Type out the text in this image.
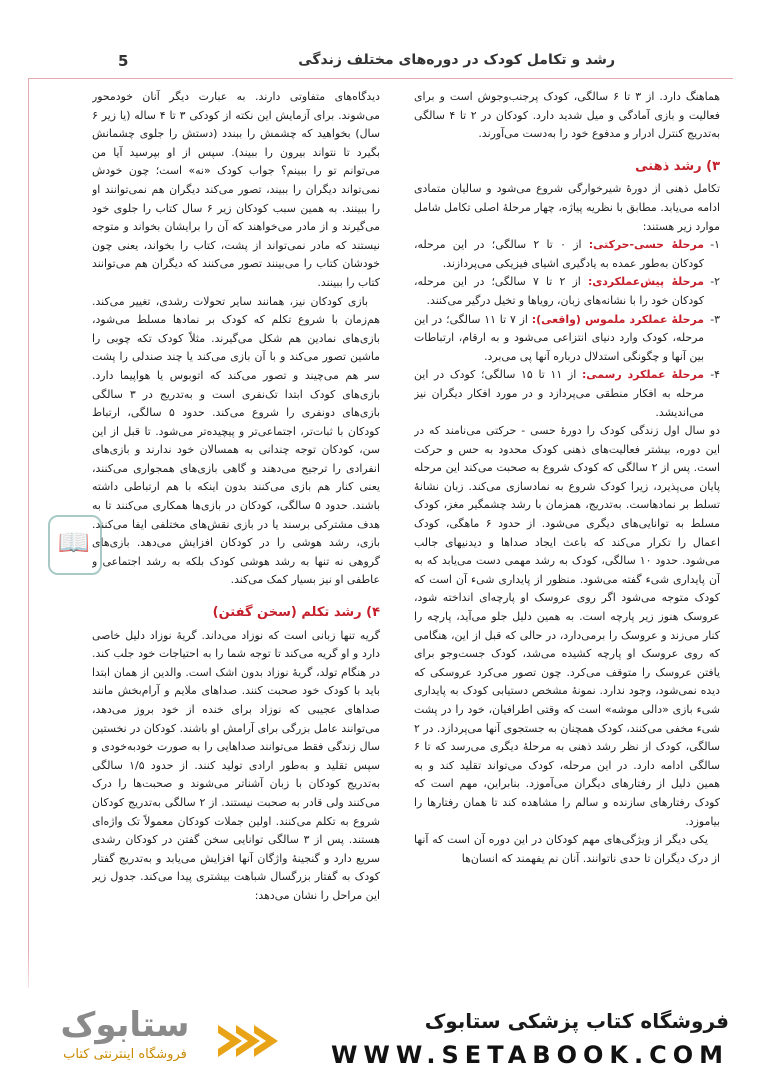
رشد و تکامل کودک در دوره‌های مختلف زندگی
5

هماهنگ دارد. از ۳ تا ۶ سالگی، کودک پرجنب‌وجوش است و برای فعالیت و بازی آمادگی و میل شدید دارد. کودکان در ۲ تا ۴ سالگی به‌تدریج کنترل ادرار و مدفوع خود را به‌دست می‌آورند.

۳) رشد ذهنی

تکامل ذهنی از دورهٔ شیرخوارگی شروع می‌شود و سالیان متمادی ادامه می‌یابد. مطابق با نظریه پیاژه، چهار مرحلهٔ اصلی تکامل شامل موارد زیر هستند:

۱-
مرحلهٔ حسی-حرکتی: از ۰ تا ۲ سالگی؛ در این مرحله، کودکان به‌طور عمده به یادگیری اشیای فیزیکی می‌پردازند.
۲-
مرحلهٔ پیش‌عملکردی: از ۲ تا ۷ سالگی؛ در این مرحله، کودکان خود را با نشانه‌های زبان، رویاها و تخیل درگیر می‌کنند.
۳-
مرحلهٔ عملکرد ملموس (واقعی): از ۷ تا ۱۱ سالگی؛ در این مرحله، کودک وارد دنیای انتزاعی می‌شود و به ارقام، ارتباطات بین آنها و چگونگی استدلال درباره آنها پی می‌برد.
۴-
مرحلهٔ عملکرد رسمی: از ۱۱ تا ۱۵ سالگی؛ کودک در این مرحله به افکار منطقی می‌پردازد و در مورد افکار دیگران نیز می‌اندیشد.

دو سال اول زندگی کودک را دورهٔ حسی - حرکتی می‌نامند که در این دوره، بیشتر فعالیت‌های ذهنی کودک محدود به حس و حرکت است. پس از ۲ سالگی که کودک شروع به صحبت می‌کند این مرحله پایان می‌پذیرد، زیرا کودک شروع به نمادسازی می‌کند. زبان نشانهٔ تسلط بر نمادهاست. به‌تدریج، همزمان با رشد چشمگیر مغز، کودک مسلط به توانایی‌های دیگری می‌شود. از حدود ۶ ماهگی، کودک اعمال را تکرار می‌کند که باعث ایجاد صداها و دیدنیهای جالب می‌شود. حدود ۱۰ سالگی، کودک به رشد مهمی دست می‌یابد که به آن پایداری شیء گفته می‌شود. منظور از پایداری شیء آن است که کودک متوجه می‌شود اگر روی عروسک او پارچه‌ای انداخته شود، عروسک هنوز زیر پارچه است. به همین دلیل جلو می‌آید، پارچه را کنار می‌زند و عروسک را برمی‌دارد، در حالی که قبل از این، هنگامی که روی عروسک او پارچه کشیده می‌شد، کودک جست‌وجو برای یافتن عروسک را متوقف می‌کرد. چون تصور می‌کرد عروسکی که دیده نمی‌شود، وجود ندارد. نمونهٔ مشخص دستیابی کودک به پایداری شیء بازی «دالی موشه» است که وقتی اطرافیان، خود را در پشت شیء مخفی می‌کنند، کودک همچنان به جستجوی آنها می‌پردازد. در ۲ سالگی، کودک از نظر رشد ذهنی به مرحلهٔ دیگری می‌رسد که تا ۶ سالگی ادامه دارد. در این مرحله، کودک می‌تواند تقلید کند و به همین دلیل از رفتارهای دیگران می‌آموزد. بنابراین، مهم است که کودک رفتارهای سازنده و سالم را مشاهده کند تا همان رفتارها را بیاموزد.

یکی دیگر از ویژگی‌های مهم کودکان در این دوره آن است که آنها از درک دیگران تا حدی ناتوانند. آنان نم یفهمند که انسان‌ها

دیدگاه‌های متفاوتی دارند. به عبارت دیگر آنان خودمحور می‌شوند. برای آزمایش این نکته از کودکی ۳ تا ۴ ساله (یا زیر ۶ سال) بخواهید که چشمش را ببندد (دستش را جلوی چشمانش بگیرد تا نتواند بیرون را ببیند). سپس از او بپرسید آیا من می‌توانم تو را ببینم؟ جواب کودک «نه» است؛ چون خودش نمی‌تواند دیگران را ببیند، تصور می‌کند دیگران هم نمی‌توانند او را ببینند. به همین سبب کودکان زیر ۶ سال کتاب را جلوی خود می‌گیرند و از مادر می‌خواهند که آن را برایشان بخواند و متوجه نیستند که مادر نمی‌تواند از پشت، کتاب را بخواند، یعنی چون خودشان کتاب را می‌بینند تصور می‌کنند که دیگران هم می‌توانند کتاب را ببینند.

بازی کودکان نیز، همانند سایر تحولات رشدی، تغییر می‌کند. هم‌زمان با شروع تکلم که کودک بر نمادها مسلط می‌شود، بازی‌های نمادین هم شکل می‌گیرند. مثلاً کودک تکه چوبی را ماشین تصور می‌کند و با آن بازی می‌کند یا چند صندلی را پشت سر هم می‌چیند و تصور می‌کند که اتوبوس یا هواپیما دارد. بازی‌های کودک ابتدا تک‌نفری است و به‌تدریج در ۳ سالگی بازی‌های دونفری را شروع می‌کند. حدود ۵ سالگی، ارتباط کودکان با ثبات‌تر، اجتماعی‌تر و پیچیده‌تر می‌شود. تا قبل از این سن، کودکان توجه چندانی به همسالان خود ندارند و بازی‌های انفرادی را ترجیح می‌دهند و گاهی بازی‌های همجواری می‌کنند، یعنی کنار هم بازی می‌کنند بدون اینکه با هم ارتباطی داشته باشند. حدود ۵ سالگی، کودکان در بازی‌ها همکاری می‌کنند تا به هدف مشترکی برسند یا در بازی نقش‌های مختلفی ایفا می‌کنند. بازی، رشد هوشی را در کودکان افزایش می‌دهد. بازی‌های گروهی نه تنها به رشد هوشی کودک بلکه به رشد اجتماعی و عاطفی او نیز بسیار کمک می‌کند.

۴) رشد تکلم (سخن گفتن)

گریه تنها زبانی است که نوزاد می‌داند. گریهٔ نوزاد دلیل خاصی دارد و او گریه می‌کند تا توجه شما را به احتیاجات خود جلب کند. در هنگام تولد، گریهٔ نوزاد بدون اشک است. والدین از همان ابتدا باید با کودک خود صحبت کنند. صداهای ملایم و آرام‌بخش مانند صداهای عجیبی که نوزاد برای خنده از خود بروز می‌دهد، می‌توانند عامل بزرگی برای آرامش او باشند. کودکان در نخستین سال زندگی فقط می‌توانند صداهایی را به صورت خودبه‌خودی و سپس تقلید و به‌طور ارادی تولید کنند. از حدود ۱/۵ سالگی به‌تدریج کودکان با زبان آشناتر می‌شوند و صحبت‌ها را درک می‌کنند ولی قادر به صحبت نیستند. از ۲ سالگی به‌تدریج کودکان شروع به تکلم می‌کنند. اولین جملات کودکان معمولاً تک واژه‌ای هستند. پس از ۳ سالگی توانایی سخن گفتن در کودکان رشدی سریع دارد و گنجینهٔ واژگان آنها افزایش می‌یابد و به‌تدریج گفتار کودک به گفتار بزرگسال شباهت بیشتری پیدا می‌کند. جدول زیر این مراحل را نشان می‌دهد:

📖
ستابوک
فروشگاه اینترنتی کتاب
فروشگاه کتاب پزشکی ستابوک
WWW.SETABOOK.COM
